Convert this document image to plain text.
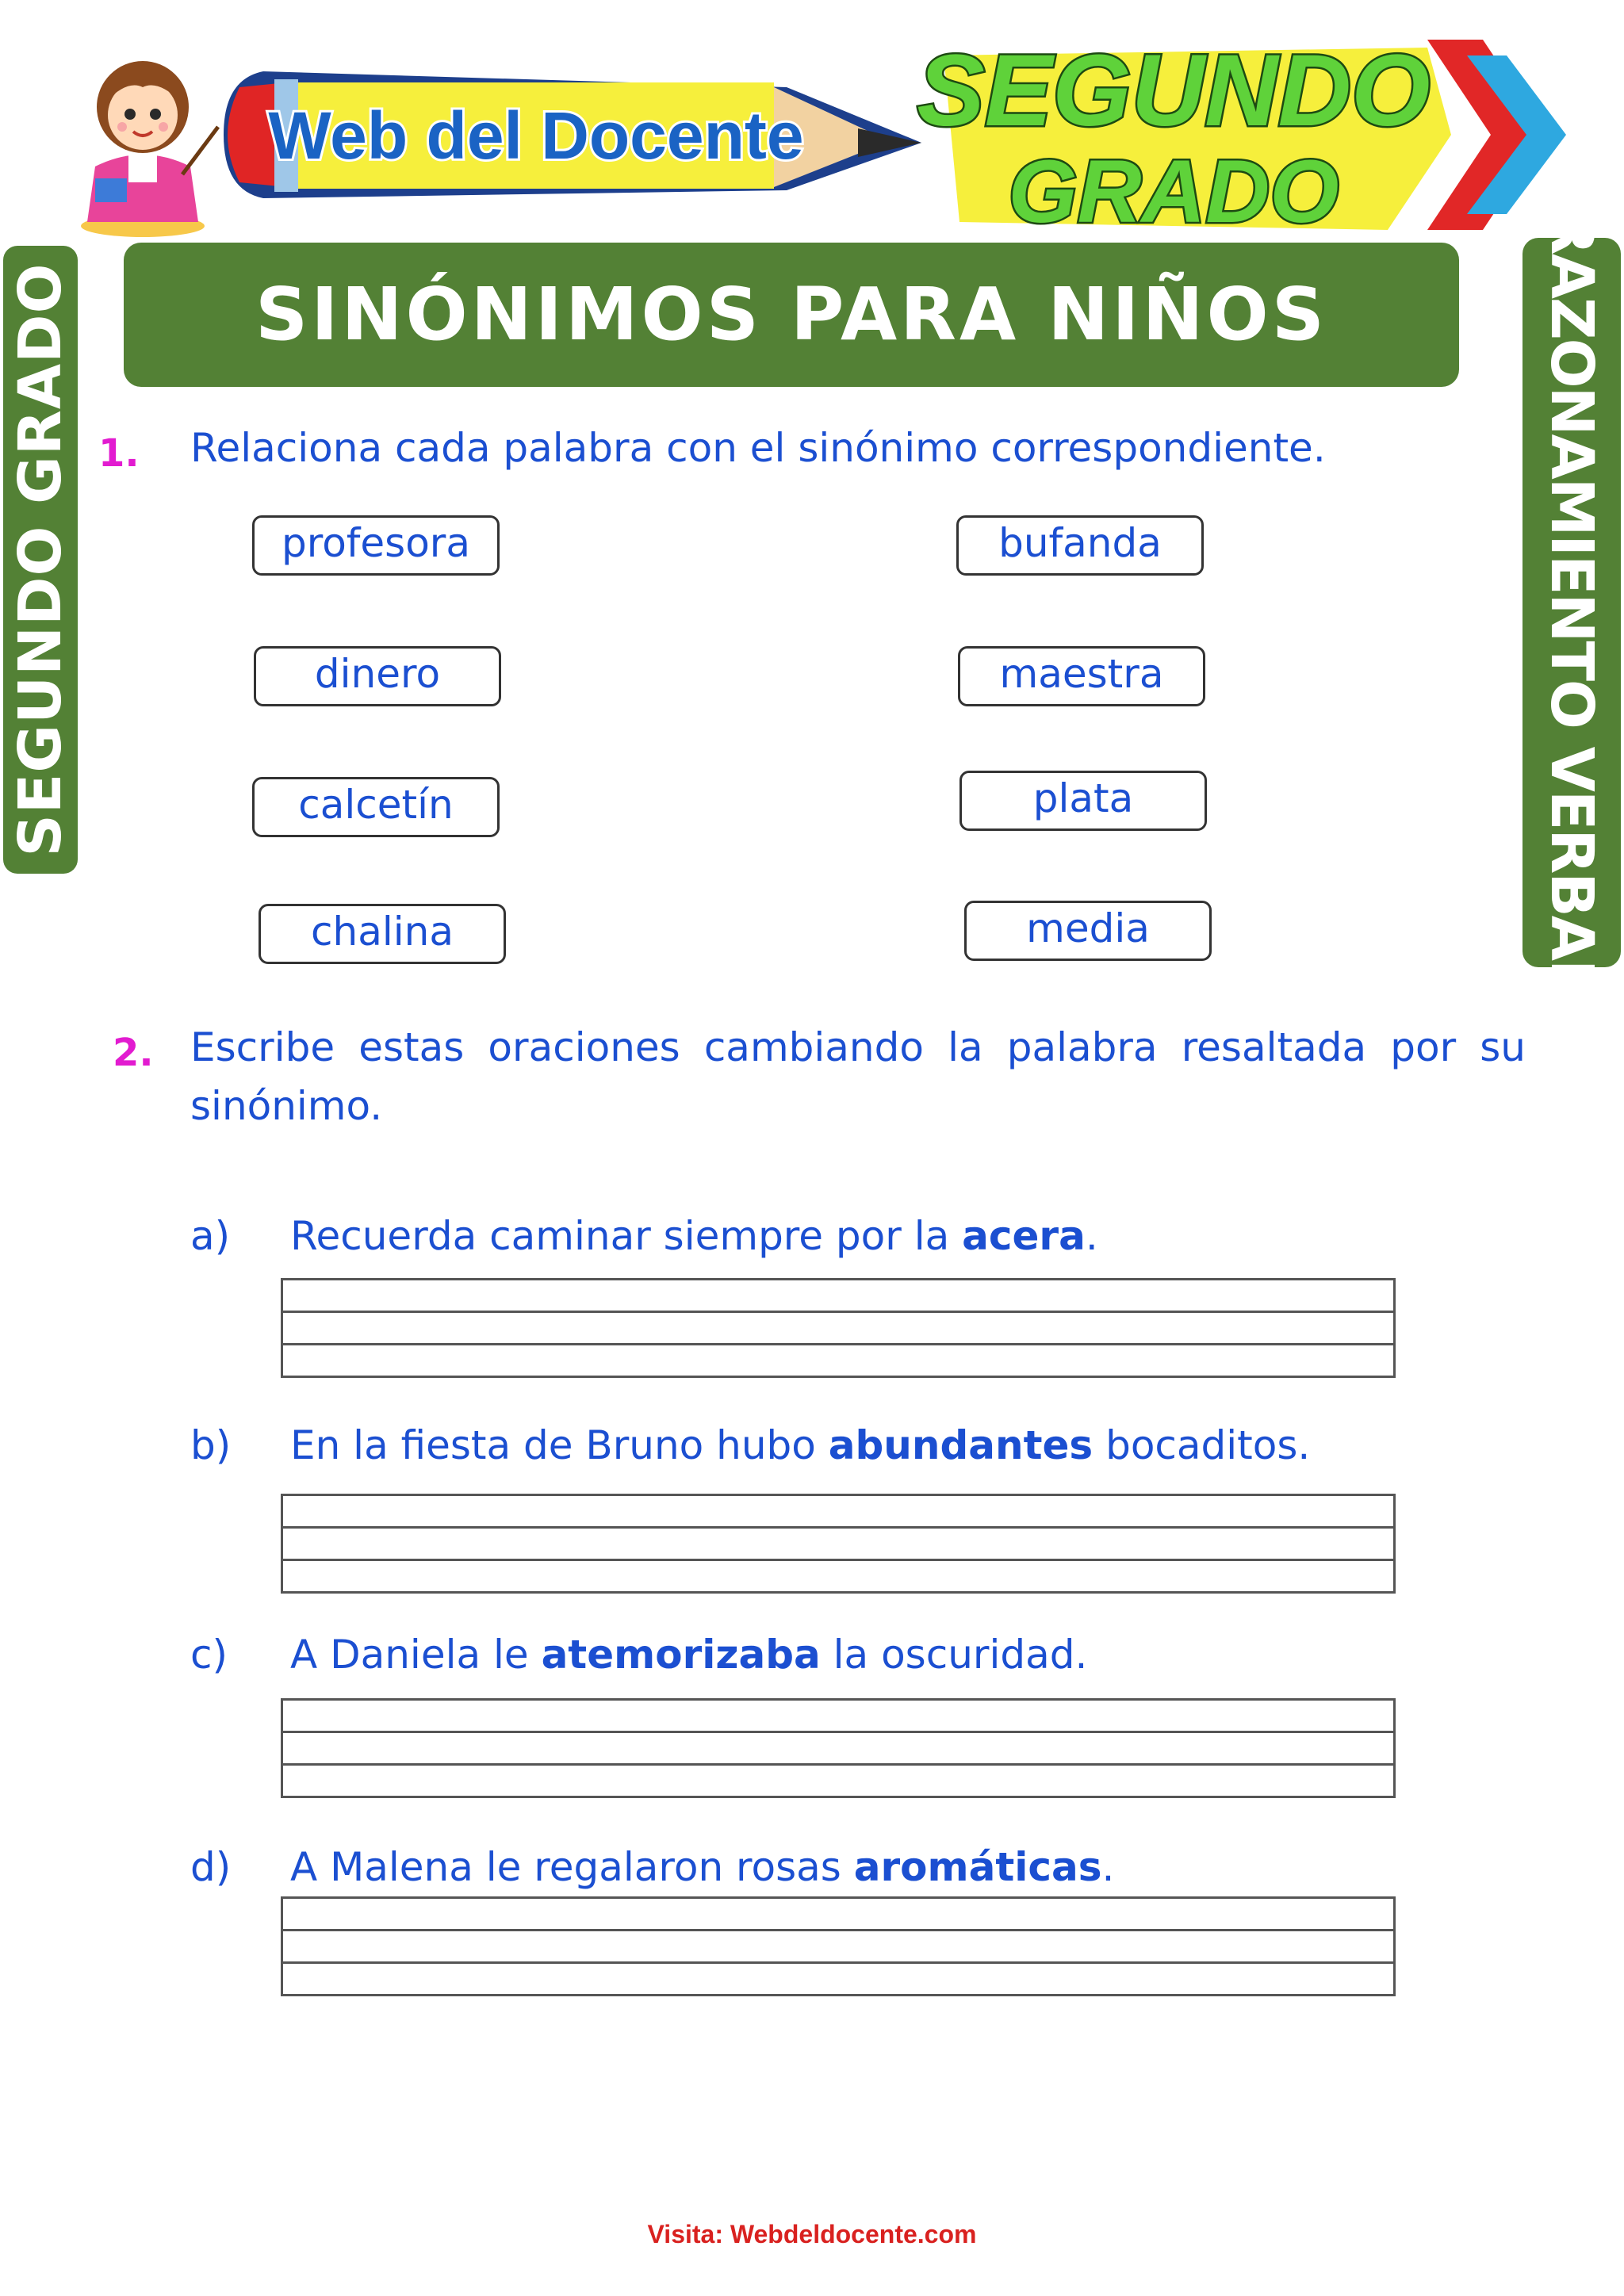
Web del Docente SEGUNDO
GRADO
SINÓNIMOS PARA NIÑOS
SEGUNDO GRADO	RAZONAMIENTO VERBAL
1. Relaciona cada palabra con el sinónimo correspondiente.
profesora
dinero
calcetín
chalina
bufanda
maestra
plata
media
2. Escribe estas oraciones cambiando la palabra resaltada por su
sinónimo.
a) Recuerda caminar siempre por la acera.
b) En la fiesta de Bruno hubo abundantes bocaditos.
c) A Daniela le atemorizaba la oscuridad.
d) A Malena le regalaron rosas aromáticas.
Visita: Webdeldocente.com
